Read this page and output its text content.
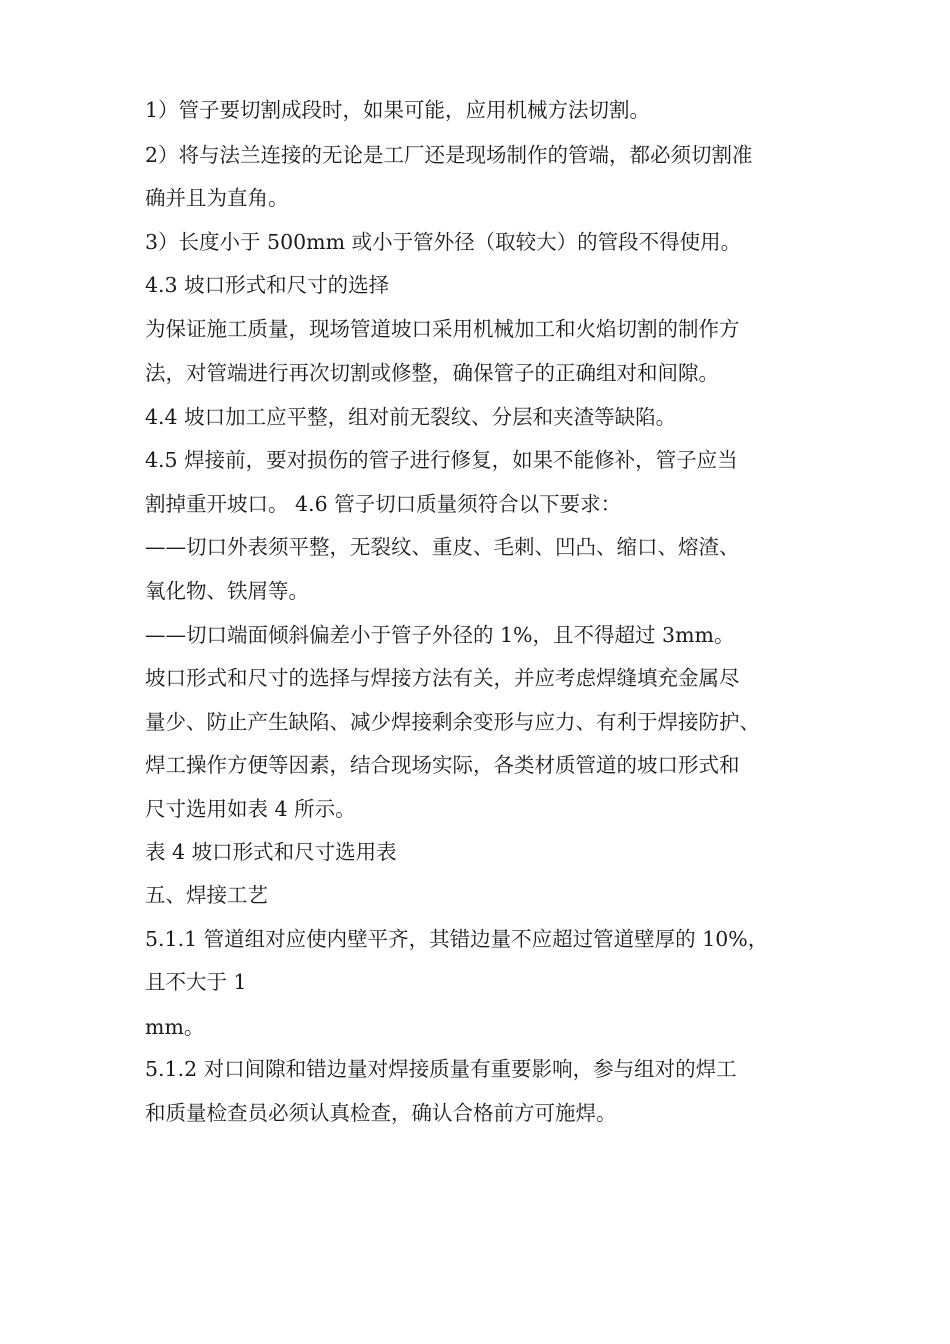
1）管子要切割成段时，如果可能，应用机械方法切割。
2）将与法兰连接的无论是工厂还是现场制作的管端，都必须切割准
确并且为直角。
3）长度小于 500mm 或小于管外径（取较大）的管段不得使用。
4.3 坡口形式和尺寸的选择
为保证施工质量，现场管道坡口采用机械加工和火焰切割的制作方
法，对管端进行再次切割或修整，确保管子的正确组对和间隙。
4.4 坡口加工应平整，组对前无裂纹、分层和夹渣等缺陷。
4.5 焊接前，要对损伤的管子进行修复，如果不能修补，管子应当
割掉重开坡口。 4.6 管子切口质量须符合以下要求：
——切口外表须平整，无裂纹、重皮、毛刺、凹凸、缩口、熔渣、
氧化物、铁屑等。
——切口端面倾斜偏差小于管子外径的 1%，且不得超过 3mm。
坡口形式和尺寸的选择与焊接方法有关，并应考虑焊缝填充金属尽
量少、防止产生缺陷、减少焊接剩余变形与应力、有利于焊接防护、
焊工操作方便等因素，结合现场实际，各类材质管道的坡口形式和
尺寸选用如表 4 所示。
表 4 坡口形式和尺寸选用表
五、焊接工艺
5.1.1 管道组对应使内壁平齐，其错边量不应超过管道壁厚的 10%，
且不大于 1
mm。
5.1.2 对口间隙和错边量对焊接质量有重要影响，参与组对的焊工
和质量检查员必须认真检查，确认合格前方可施焊。
